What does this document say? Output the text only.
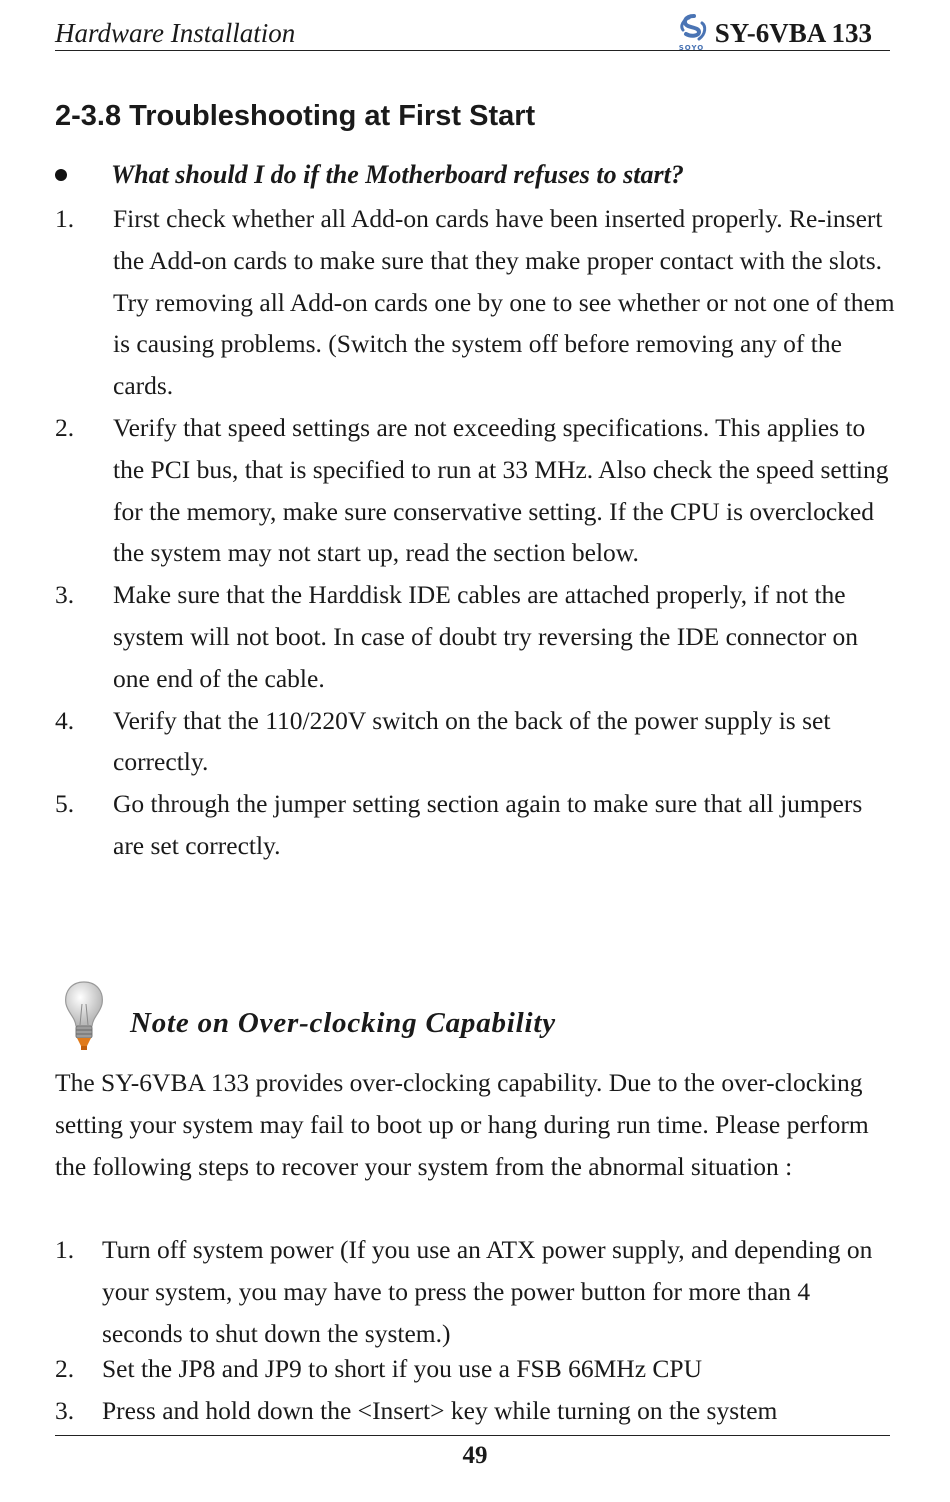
Hardware Installation	SOYO SY-6VBA 133
2-3.8 Troubleshooting at First Start
What should I do if the Motherboard refuses to start?
1. First check whether all Add-on cards have been inserted properly. Re-insert the Add-on cards to make sure that they make proper contact with the slots. Try removing all Add-on cards one by one to see whether or not one of them is causing problems. (Switch the system off before removing any of the cards.
2. Verify that speed settings are not exceeding specifications. This applies to the PCI bus, that is specified to run at 33 MHz. Also check the speed setting for the memory, make sure conservative setting. If the CPU is overclocked the system may not start up, read the section below.
3. Make sure that the Harddisk IDE cables are attached properly, if not the system will not boot. In case of doubt try reversing the IDE connector on one end of the cable.
4. Verify that the 110/220V switch on the back of the power supply is set correctly.
5. Go through the jumper setting section again to make sure that all jumpers are set correctly.
Note on Over-clocking Capability
The SY-6VBA 133 provides over-clocking capability. Due to the over-clocking setting your system may fail to boot up or hang during run time. Please perform the following steps to recover your system from the abnormal situation :
1. Turn off system power (If you use an ATX power supply, and depending on your system, you may have to press the power button for more than 4 seconds to shut down the system.)
2. Set the JP8 and JP9 to short if you use a FSB 66MHz CPU
3. Press and hold down the <Insert> key while turning on the system
49
